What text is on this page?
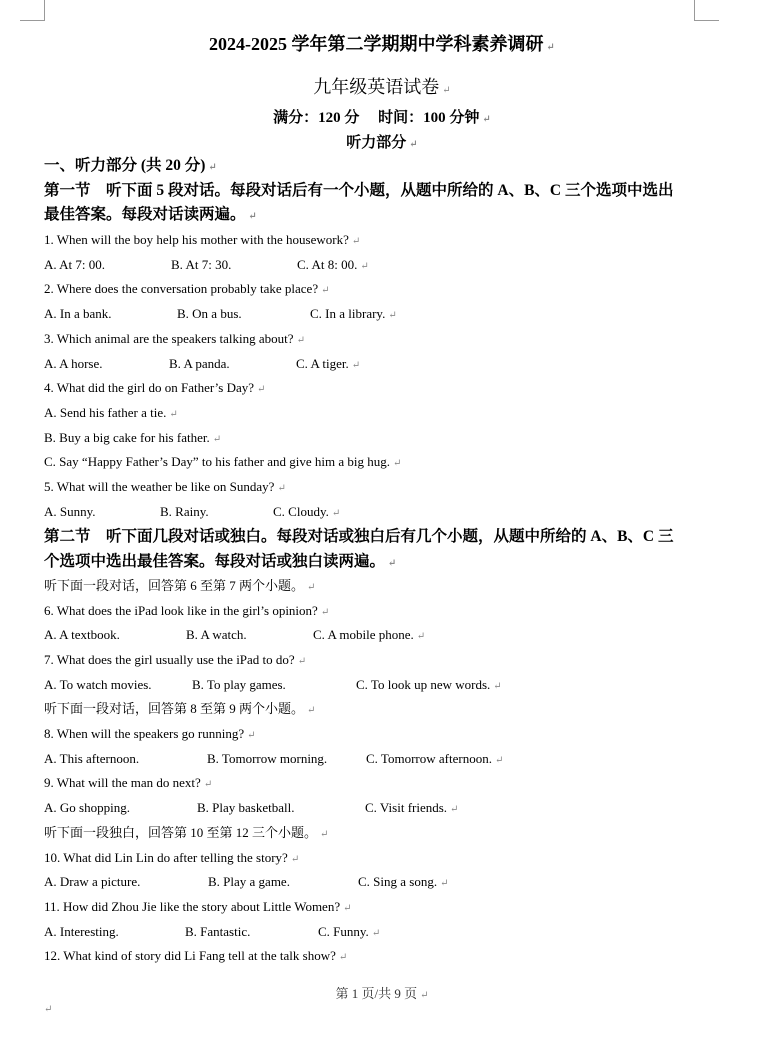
2024-2025 学年第二学期期中学科素养调研 ↵
九年级英语试卷 ↵
满分：120 分　 时间：100 分钟 ↵
听力部分 ↵
一、听力部分 (共 20 分) ↵
第一节　听下面 5 段对话。每段对话后有一个小题，从题中所给的 A、B、C 三个选项中选出
最佳答案。每段对话读两遍。 ↵
1. When will the boy help his mother with the housework? ↵
A. At 7: 00.	B. At 7: 30.	C. At 8: 00. ↵
2. Where does the conversation probably take place? ↵
A. In a bank.	B. On a bus.	C. In a library. ↵
3. Which animal are the speakers talking about? ↵
A. A horse.	B. A panda.	C. A tiger. ↵
4. What did the girl do on Father’s Day? ↵
A. Send his father a tie. ↵
B. Buy a big cake for his father. ↵
C. Say “Happy Father’s Day” to his father and give him a big hug. ↵
5. What will the weather be like on Sunday? ↵
A. Sunny.	B. Rainy.	C. Cloudy. ↵
第二节　听下面几段对话或独白。每段对话或独白后有几个小题，从题中所给的 A、B、C 三
个选项中选出最佳答案。每段对话或独白读两遍。 ↵
听下面一段对话，回答第 6 至第 7 两个小题。 ↵
6. What does the iPad look like in the girl’s opinion? ↵
A. A textbook.	B. A watch.	C. A mobile phone. ↵
7. What does the girl usually use the iPad to do? ↵
A. To watch movies.	B. To play games.	C. To look up new words. ↵
听下面一段对话，回答第 8 至第 9 两个小题。 ↵
8. When will the speakers go running? ↵
A. This afternoon.	B. Tomorrow morning.	C. Tomorrow afternoon. ↵
9. What will the man do next? ↵
A. Go shopping.	B. Play basketball.	C. Visit friends. ↵
听下面一段独白，回答第 10 至第 12 三个小题。 ↵
10. What did Lin Lin do after telling the story? ↵
A. Draw a picture.	B. Play a game.	C. Sing a song. ↵
11. How did Zhou Jie like the story about Little Women? ↵
A. Interesting.	B. Fantastic.	C. Funny. ↵
12. What kind of story did Li Fang tell at the talk show? ↵
第 1 页/共 9 页 ↵
↵
